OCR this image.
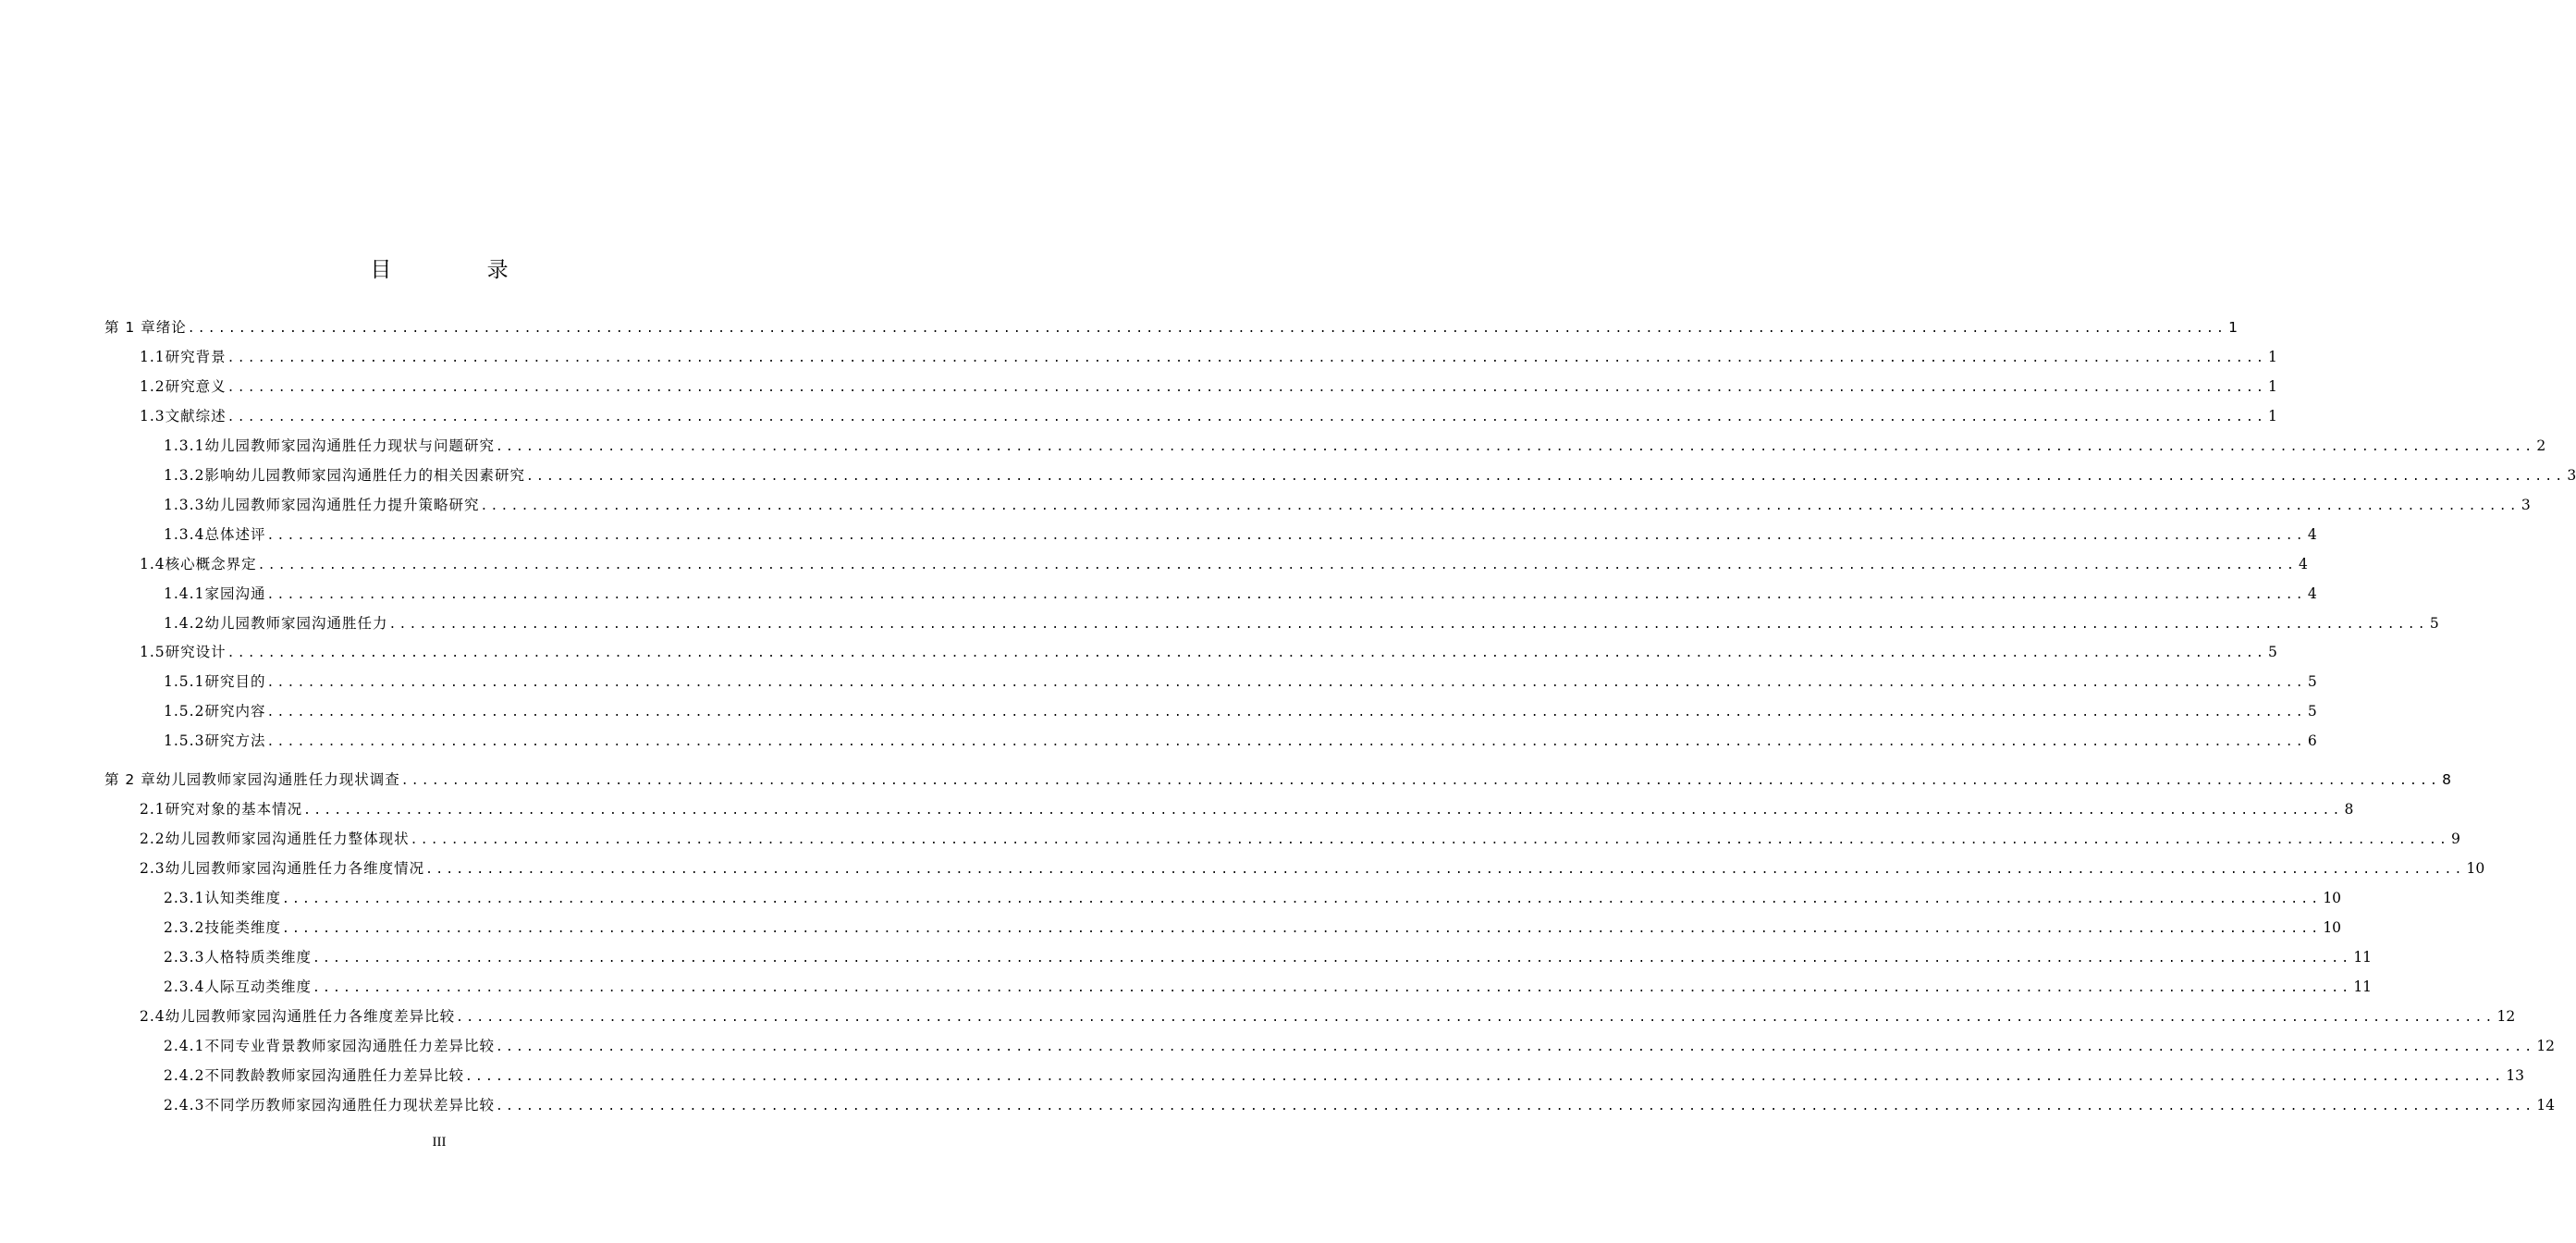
目 录
第 1 章 绪论 ........................................................................................................................................................................................................ 1
1.1 研究背景 ........................................................................................................................................................................................................ 1
1.2 研究意义 ........................................................................................................................................................................................................ 1
1.3 文献综述 ........................................................................................................................................................................................................ 1
1.3.1 幼儿园教师家园沟通胜任力现状与问题研究 ........................................................................................................................................................................................................ 2
1.3.2 影响幼儿园教师家园沟通胜任力的相关因素研究 ........................................................................................................................................................................................................ 3
1.3.3 幼儿园教师家园沟通胜任力提升策略研究 ........................................................................................................................................................................................................ 3
1.3.4 总体述评 ........................................................................................................................................................................................................ 4
1.4 核心概念界定 ........................................................................................................................................................................................................ 4
1.4.1 家园沟通 ........................................................................................................................................................................................................ 4
1.4.2 幼儿园教师家园沟通胜任力 ........................................................................................................................................................................................................ 5
1.5 研究设计 ........................................................................................................................................................................................................ 5
1.5.1 研究目的 ........................................................................................................................................................................................................ 5
1.5.2 研究内容 ........................................................................................................................................................................................................ 5
1.5.3 研究方法 ........................................................................................................................................................................................................ 6
第 2 章 幼儿园教师家园沟通胜任力现状调查 ........................................................................................................................................................................................................ 8
2.1 研究对象的基本情况 ........................................................................................................................................................................................................ 8
2.2 幼儿园教师家园沟通胜任力整体现状 ........................................................................................................................................................................................................ 9
2.3 幼儿园教师家园沟通胜任力各维度情况 ........................................................................................................................................................................................................ 10
2.3.1 认知类维度 ........................................................................................................................................................................................................ 10
2.3.2 技能类维度 ........................................................................................................................................................................................................ 10
2.3.3 人格特质类维度 ........................................................................................................................................................................................................ 11
2.3.4 人际互动类维度 ........................................................................................................................................................................................................ 11
2.4 幼儿园教师家园沟通胜任力各维度差异比较 ........................................................................................................................................................................................................ 12
2.4.1 不同专业背景教师家园沟通胜任力差异比较 ........................................................................................................................................................................................................ 12
2.4.2 不同教龄教师家园沟通胜任力差异比较 ........................................................................................................................................................................................................ 13
2.4.3 不同学历教师家园沟通胜任力现状差异比较 ........................................................................................................................................................................................................ 14
III
